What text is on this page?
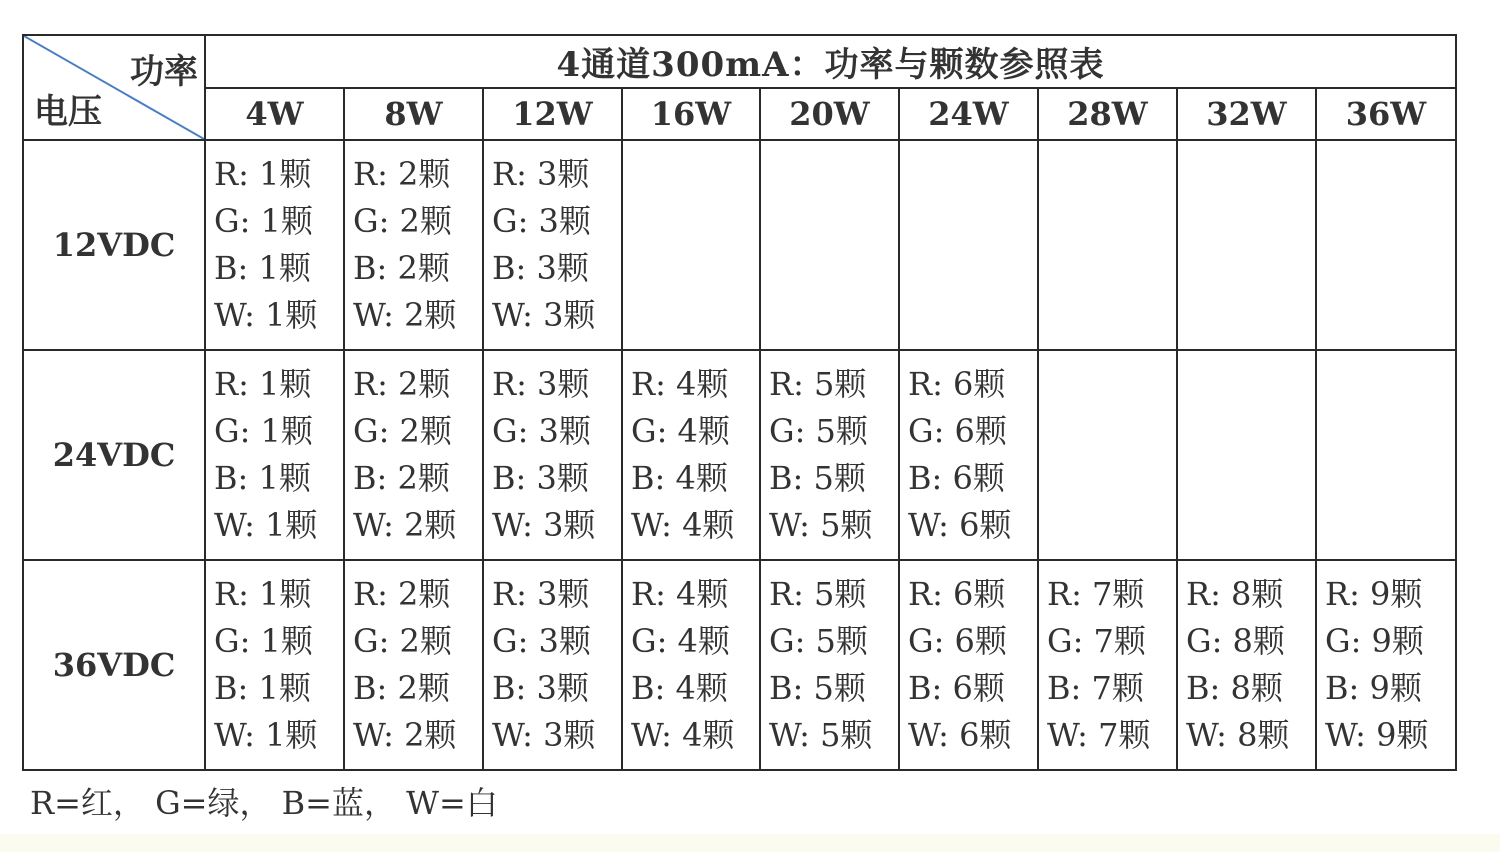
功率
电压	4通道300mA：功率与颗数参照表								
	4W	8W	12W	16W	20W	24W	28W	32W	36W
12VDC	R: 1颗
G: 1颗
B: 1颗
W: 1颗	R: 2颗
G: 2颗
B: 2颗
W: 2颗	R: 3颗
G: 3颗
B: 3颗
W: 3颗						

24VDC	R: 1颗
G: 1颗
B: 1颗
W: 1颗	R: 2颗
G: 2颗
B: 2颗
W: 2颗	R: 3颗
G: 3颗
B: 3颗
W: 3颗	R: 4颗
G: 4颗
B: 4颗
W: 4颗	R: 5颗
G: 5颗
B: 5颗
W: 5颗	R: 6颗
G: 6颗
B: 6颗
W: 6颗			

36VDC	R: 1颗
G: 1颗
B: 1颗
W: 1颗	R: 2颗
G: 2颗
B: 2颗
W: 2颗	R: 3颗
G: 3颗
B: 3颗
W: 3颗	R: 4颗
G: 4颗
B: 4颗
W: 4颗	R: 5颗
G: 5颗
B: 5颗
W: 5颗	R: 6颗
G: 6颗
B: 6颗
W: 6颗	R: 7颗
G: 7颗
B: 7颗
W: 7颗	R: 8颗
G: 8颗
B: 8颗
W: 8颗	R: 9颗
G: 9颗
B: 9颗
W: 9颗
R=红， G=绿， B=蓝， W=白
